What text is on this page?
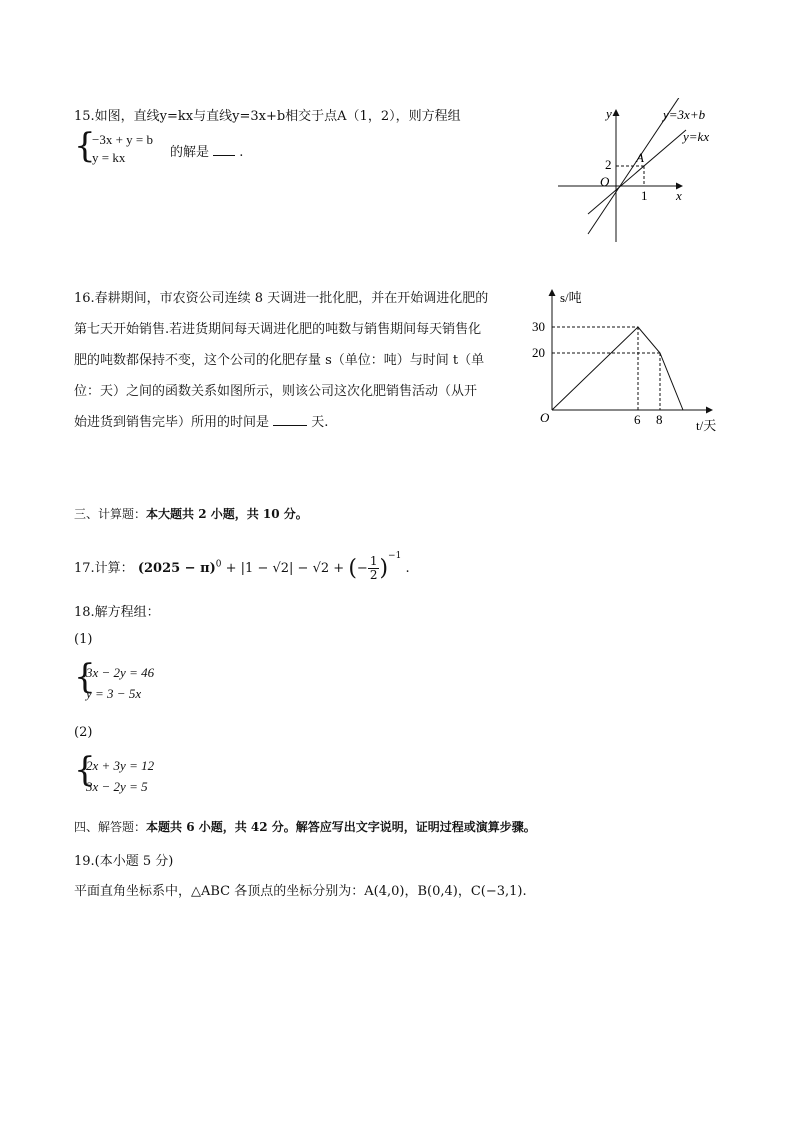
15.如图，直线y=kx与直线y=3x+b相交于点A（1，2），则方程组
{
−3x + y = b
y = kx	的解是 .
y
x
O
A
2
1
y=3x+b
y=kx
16.春耕期间，市农资公司连续 8 天调进一批化肥，并在开始调进化肥的
第七天开始销售.若进货期间每天调进化肥的吨数与销售期间每天销售化
肥的吨数都保持不变，这个公司的化肥存量 s（单位：吨）与时间 t（单
位：天）之间的函数关系如图所示，则该公司这次化肥销售活动（从开
始进货到销售完毕）所用的时间是	天.
s/吨
t/天
O
30
20
6 8
三、计算题：本大题共 2 小题，共 10 分。
17.计算： $(2025 - \pi)^0 + |1 - √2| - √2$ + (− $\frac{1}{2} )^{-1}$ .
18.解方程组：
(1)
{
3x − 2y = 46
y = 3 − 5x
(2)
{
2x + 3y = 12
3x − 2y = 5
四、解答题：本题共 6 小题，共 42 分。解答应写出文字说明，证明过程或演算步骤。
19.(本小题 5 分)
平面直角坐标系中，△ABC 各顶点的坐标分别为：A(4,0)，B(0,4)，C(−3,1).
